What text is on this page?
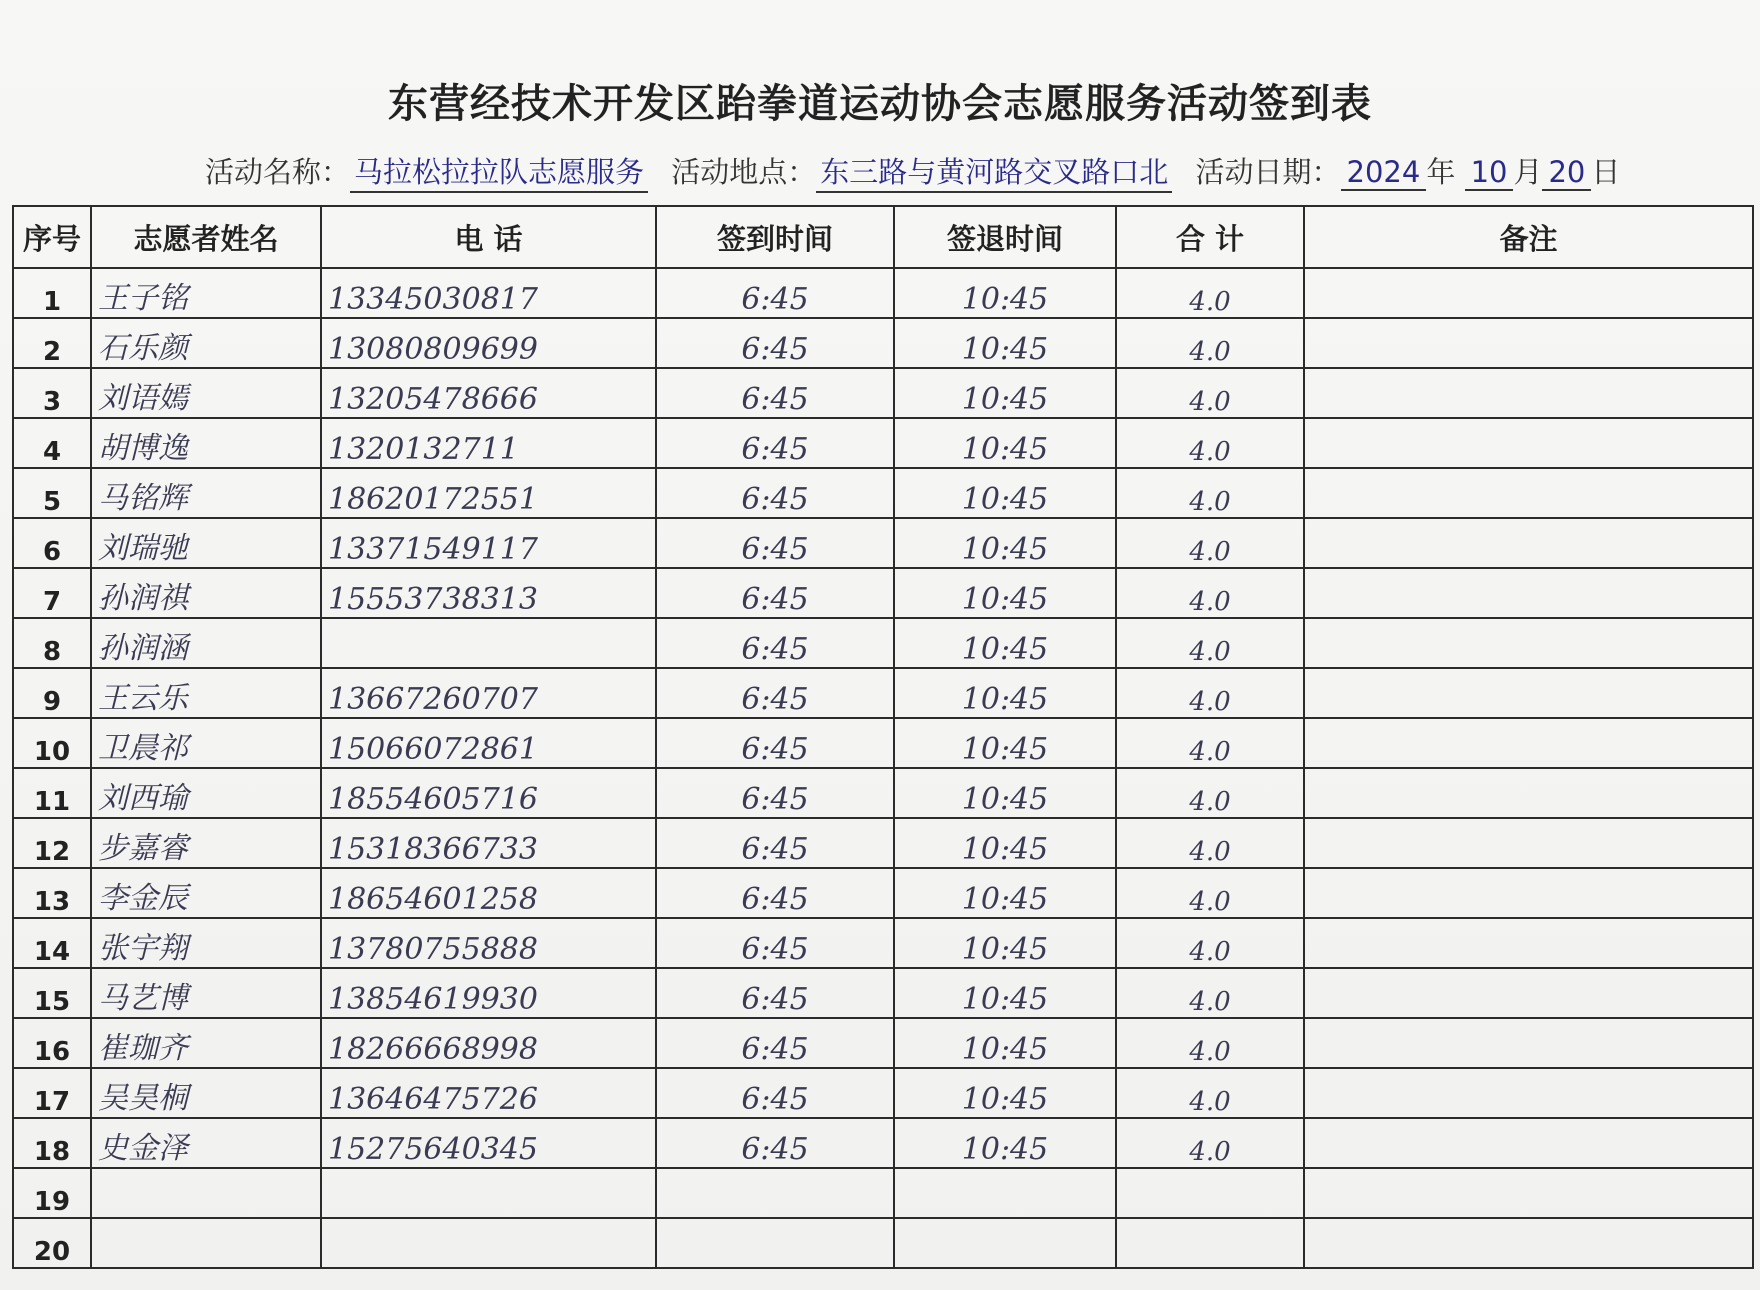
东营经技术开发区跆拳道运动协会志愿服务活动签到表
活动名称： 马拉松拉拉队志愿服务 活动地点： 东三路与黄河路交叉路口北 活动日期： 2024 年 10 月 20 日
序号	志愿者姓名	电 话	签到时间	签退时间	合 计	备注
1	王子铭	13345030817	6:45	10:45	4.0	
2	石乐颜	13080809699	6:45	10:45	4.0	
3	刘语嫣	13205478666	6:45	10:45	4.0	
4	胡博逸	1320132711	6:45	10:45	4.0	
5	马铭辉	18620172551	6:45	10:45	4.0	
6	刘瑞驰	13371549117	6:45	10:45	4.0	
7	孙润祺	15553738313	6:45	10:45	4.0	
8	孙润涵		6:45	10:45	4.0	
9	王云乐	13667260707	6:45	10:45	4.0	
10	卫晨祁	15066072861	6:45	10:45	4.0	
11	刘西瑜	18554605716	6:45	10:45	4.0	
12	步嘉睿	15318366733	6:45	10:45	4.0	
13	李金辰	18654601258	6:45	10:45	4.0	
14	张宇翔	13780755888	6:45	10:45	4.0	
15	马艺博	13854619930	6:45	10:45	4.0	
16	崔珈齐	18266668998	6:45	10:45	4.0	
17	吴昊桐	13646475726	6:45	10:45	4.0	
18	史金泽	15275640345	6:45	10:45	4.0	
19						
20						
